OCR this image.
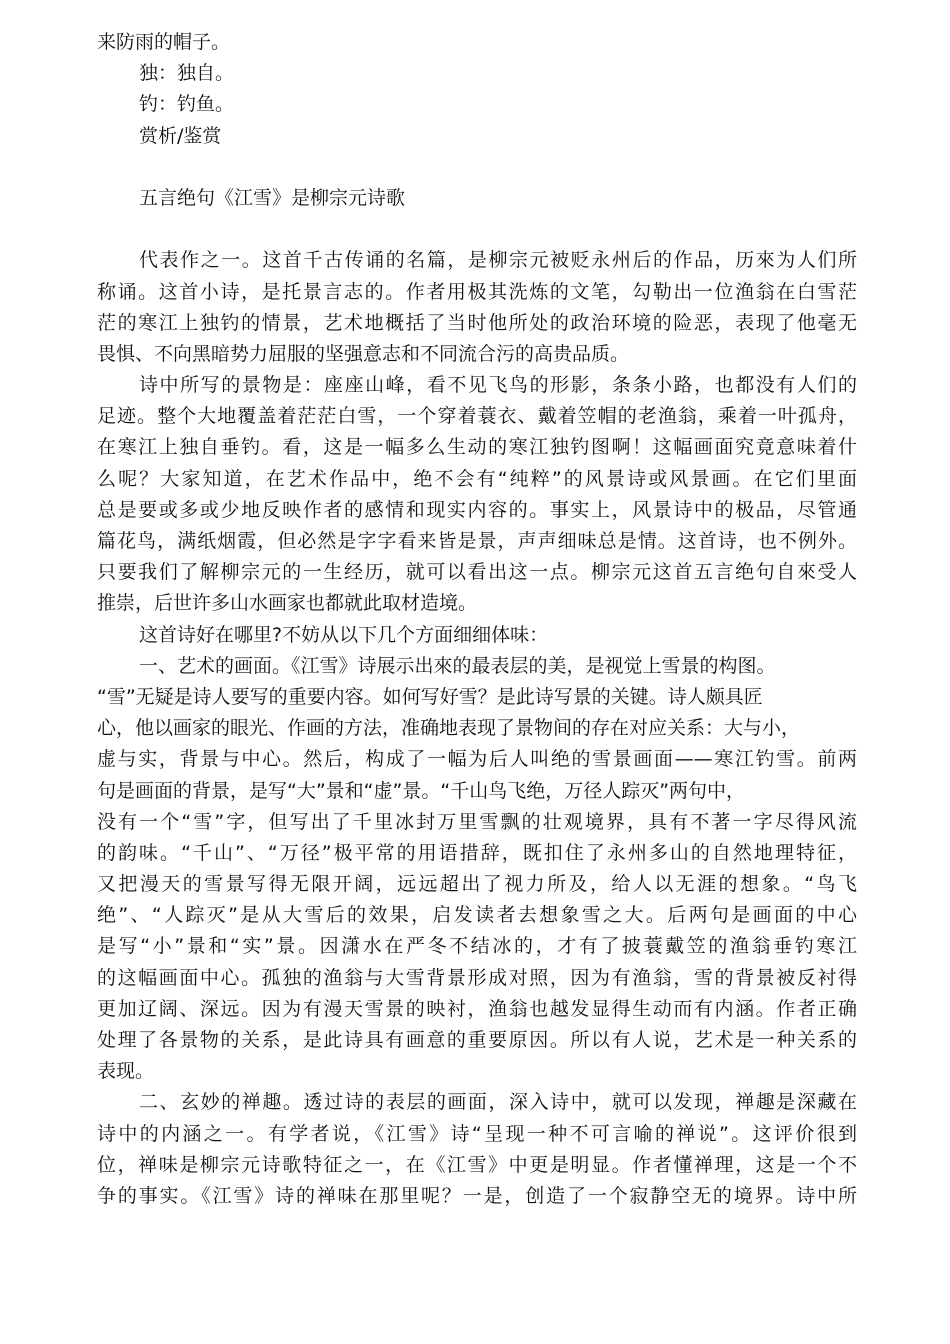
来防雨的帽子。
独：独自。
钓：钓鱼。
赏析/鉴赏
五言绝句《江雪》是柳宗元诗歌
代表作之一。这首千古传诵的名篇，是柳宗元被贬永州后的作品，历來为人们所
称诵。这首小诗，是托景言志的。作者用极其洗炼的文笔，勾勒出一位渔翁在白雪茫
茫的寒江上独钓的情景，艺术地概括了当时他所处的政治环境的险恶，表现了他毫无
畏惧、不向黑暗势力屈服的坚强意志和不同流合污的高贵品质。
诗中所写的景物是：座座山峰，看不见飞鸟的形影，条条小路，也都没有人们的
足迹。整个大地覆盖着茫茫白雪，一个穿着蓑衣、戴着笠帽的老渔翁，乘着一叶孤舟，
在寒江上独自垂钓。看，这是一幅多么生动的寒江独钓图啊！这幅画面究竟意味着什
么呢？大家知道，在艺术作品中，绝不会有“纯粹”的风景诗或风景画。在它们里面
总是要或多或少地反映作者的感情和现实内容的。事实上，风景诗中的极品，尽管通
篇花鸟，满纸烟霞，但必然是字字看来皆是景，声声细味总是情。这首诗，也不例外。
只要我们了解柳宗元的一生经历，就可以看出这一点。柳宗元这首五言绝句自來受人
推崇，后世许多山水画家也都就此取材造境。
这首诗好在哪里?不妨从以下几个方面细细体味：
一、艺术的画面。《江雪》诗展示出來的最表层的美，是视觉上雪景的构图。
“雪”无疑是诗人要写的重要内容。如何写好雪？是此诗写景的关键。诗人颇具匠
心，他以画家的眼光、作画的方法，准确地表现了景物间的存在对应关系：大与小，
虚与实，背景与中心。然后，构成了一幅为后人叫绝的雪景画面——寒江钓雪。前两
句是画面的背景，是写“大”景和“虚”景。“千山鸟飞绝，万径人踪灭”两句中，
没有一个“雪”字，但写出了千里冰封万里雪飘的壮观境界，具有不著一字尽得风流
的韵味。“千山”、“万径”极平常的用语措辞，既扣住了永州多山的自然地理特征，
又把漫天的雪景写得无限开阔，远远超出了视力所及，给人以无涯的想象。“鸟飞
绝”、“人踪灭”是从大雪后的效果，启发读者去想象雪之大。后两句是画面的中心
是写“小”景和“实”景。因潇水在严冬不结冰的，才有了披蓑戴笠的渔翁垂钓寒江
的这幅画面中心。孤独的渔翁与大雪背景形成对照，因为有渔翁，雪的背景被反衬得
更加辽阔、深远。因为有漫天雪景的映衬，渔翁也越发显得生动而有内涵。作者正确
处理了各景物的关系，是此诗具有画意的重要原因。所以有人说，艺术是一种关系的
表现。
二、玄妙的禅趣。透过诗的表层的画面，深入诗中，就可以发现，禅趣是深藏在
诗中的内涵之一。有学者说，《江雪》诗“呈现一种不可言喻的禅说”。这评价很到
位，禅味是柳宗元诗歌特征之一，在《江雪》中更是明显。作者懂禅理，这是一个不
争的事实。《江雪》诗的禅味在那里呢？一是，创造了一个寂静空无的境界。诗中所
